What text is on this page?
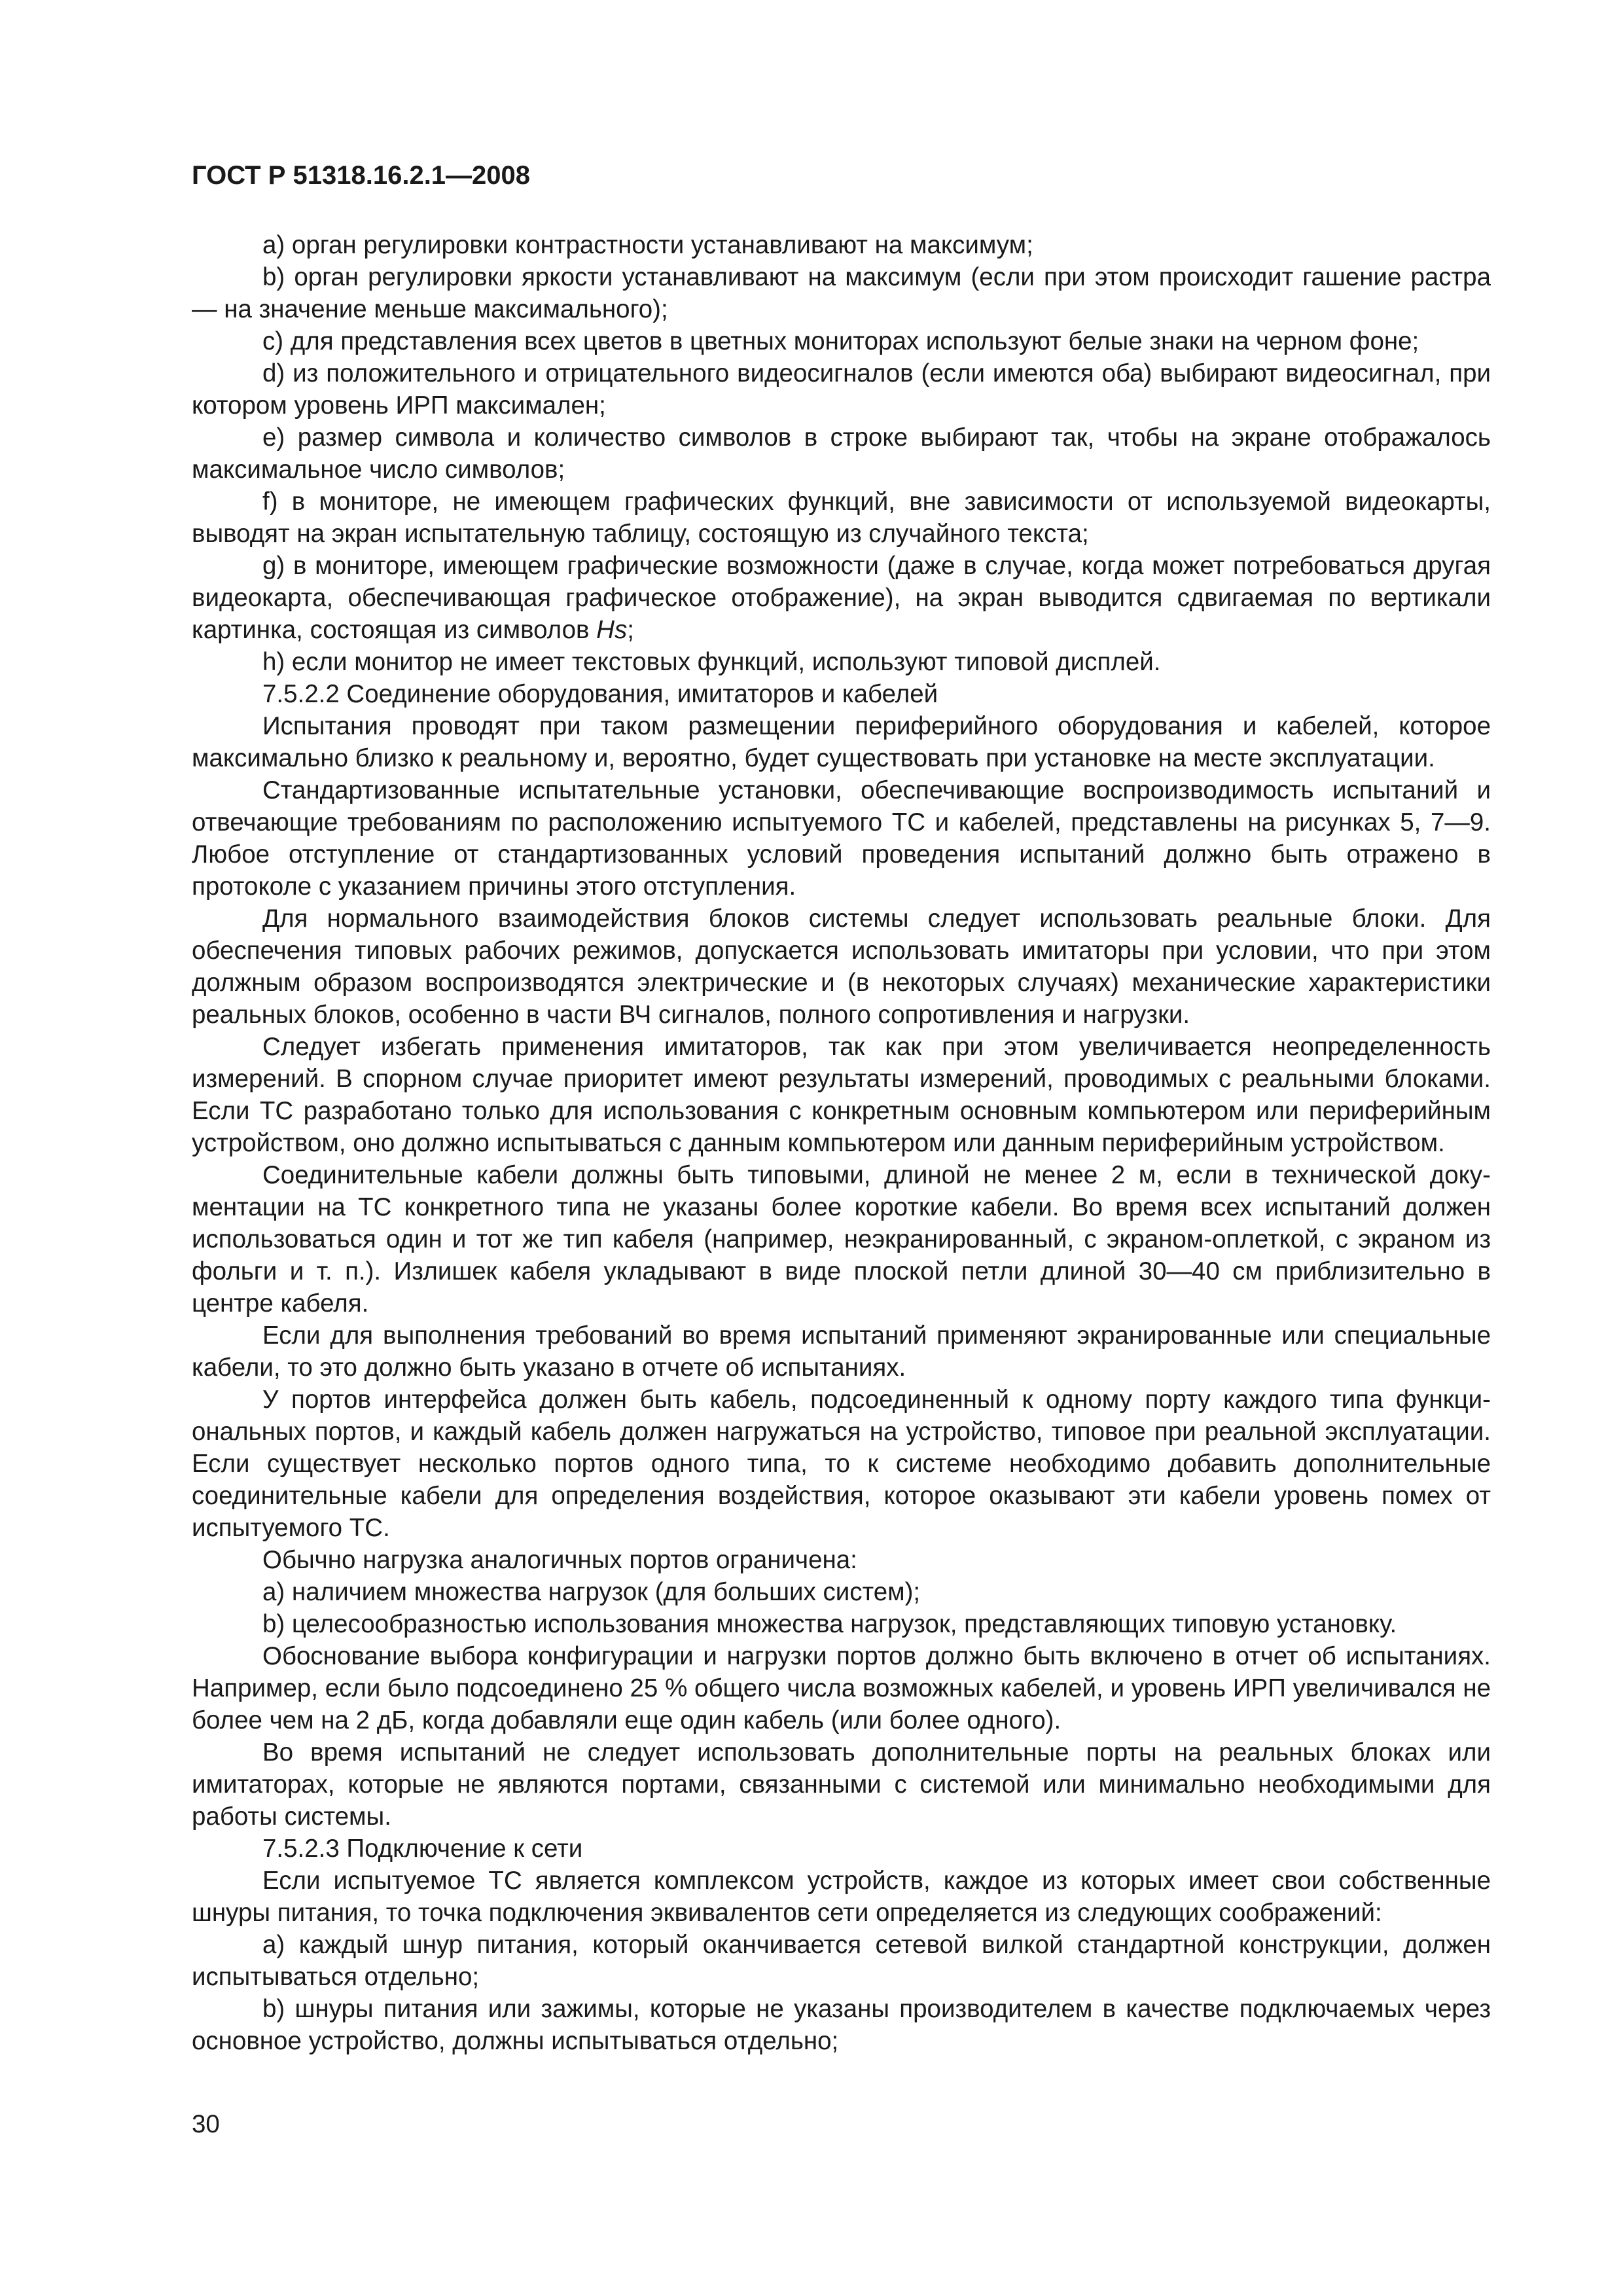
ГОСТ Р 51318.16.2.1—2008

a) орган регулировки контрастности устанавливают на максимум;

b) орган регулировки яркости устанавливают на максимум (если при этом происходит гашение растра — на значение меньше максимального);

c) для представления всех цветов в цветных мониторах используют белые знаки на черном фоне;

d) из положительного и отрицательного видеосигналов (если имеются оба) выбирают видеосигнал, при котором уровень ИРП максимален;

e) размер символа и количество символов в строке выбирают так, чтобы на экране отображалось максимальное число символов;

f) в мониторе, не имеющем графических функций, вне зависимости от используемой видеокарты, выводят на экран испытательную таблицу, состоящую из случайного текста;

g) в мониторе, имеющем графические возможности (даже в случае, когда может потребоваться другая видеокарта, обеспечивающая графическое отображение), на экран выводится сдвигаемая по вертикали картинка, состоящая из символов Hs;

h) если монитор не имеет текстовых функций, используют типовой дисплей.

7.5.2.2 Соединение оборудования, имитаторов и кабелей

Испытания проводят при таком размещении периферийного оборудования и кабелей, которое максимально близко к реальному и, вероятно, будет существовать при установке на месте эксплуатации.

Стандартизованные испытательные установки, обеспечивающие воспроизводимость испытаний и отвечающие требованиям по расположению испытуемого ТС и кабелей, представлены на рисунках 5, 7—9. Любое отступление от стандартизованных условий проведения испытаний должно быть отражено в протоколе с указанием причины этого отступления.

Для нормального взаимодействия блоков системы следует использовать реальные блоки. Для обеспечения типовых рабочих режимов, допускается использовать имитаторы при условии, что при этом должным образом воспроизводятся электрические и (в некоторых случаях) механические характеристики реальных блоков, особенно в части ВЧ сигналов, полного сопротивления и нагрузки.

Следует избегать применения имитаторов, так как при этом увеличивается неопределенность измерений. В спорном случае приоритет имеют результаты измерений, проводимых с реальными блоками. Если ТС разработано только для использования с конкретным основным компьютером или периферийным устройством, оно должно испытываться с данным компьютером или данным периферийным устройством.

Соединительные кабели должны быть типовыми, длиной не менее 2 м, если в технической документации на ТС конкретного типа не указаны более короткие кабели. Во время всех испытаний должен использоваться один и тот же тип кабеля (например, неэкранированный, с экраном-оплеткой, с экраном из фольги и т. п.). Излишек кабеля укладывают в виде плоской петли длиной 30—40 см приблизительно в центре кабеля.

Если для выполнения требований во время испытаний применяют экранированные или специальные кабели, то это должно быть указано в отчете об испытаниях.

У портов интерфейса должен быть кабель, подсоединенный к одному порту каждого типа функциональных портов, и каждый кабель должен нагружаться на устройство, типовое при реальной эксплуатации. Если существует несколько портов одного типа, то к системе необходимо добавить дополнительные соединительные кабели для определения воздействия, которое оказывают эти кабели уровень помех от испытуемого ТС.

Обычно нагрузка аналогичных портов ограничена:

a) наличием множества нагрузок (для больших систем);

b) целесообразностью использования множества нагрузок, представляющих типовую установку.

Обоснование выбора конфигурации и нагрузки портов должно быть включено в отчет об испытаниях. Например, если было подсоединено 25 % общего числа возможных кабелей, и уровень ИРП увеличивался не более чем на 2 дБ, когда добавляли еще один кабель (или более одного).

Во время испытаний не следует использовать дополнительные порты на реальных блоках или имитаторах, которые не являются портами, связанными с системой или минимально необходимыми для работы системы.

7.5.2.3 Подключение к сети

Если испытуемое ТС является комплексом устройств, каждое из которых имеет свои собственные шнуры питания, то точка подключения эквивалентов сети определяется из следующих соображений:

a) каждый шнур питания, который оканчивается сетевой вилкой стандартной конструкции, должен испытываться отдельно;

b) шнуры питания или зажимы, которые не указаны производителем в качестве подключаемых через основное устройство, должны испытываться отдельно;

30
